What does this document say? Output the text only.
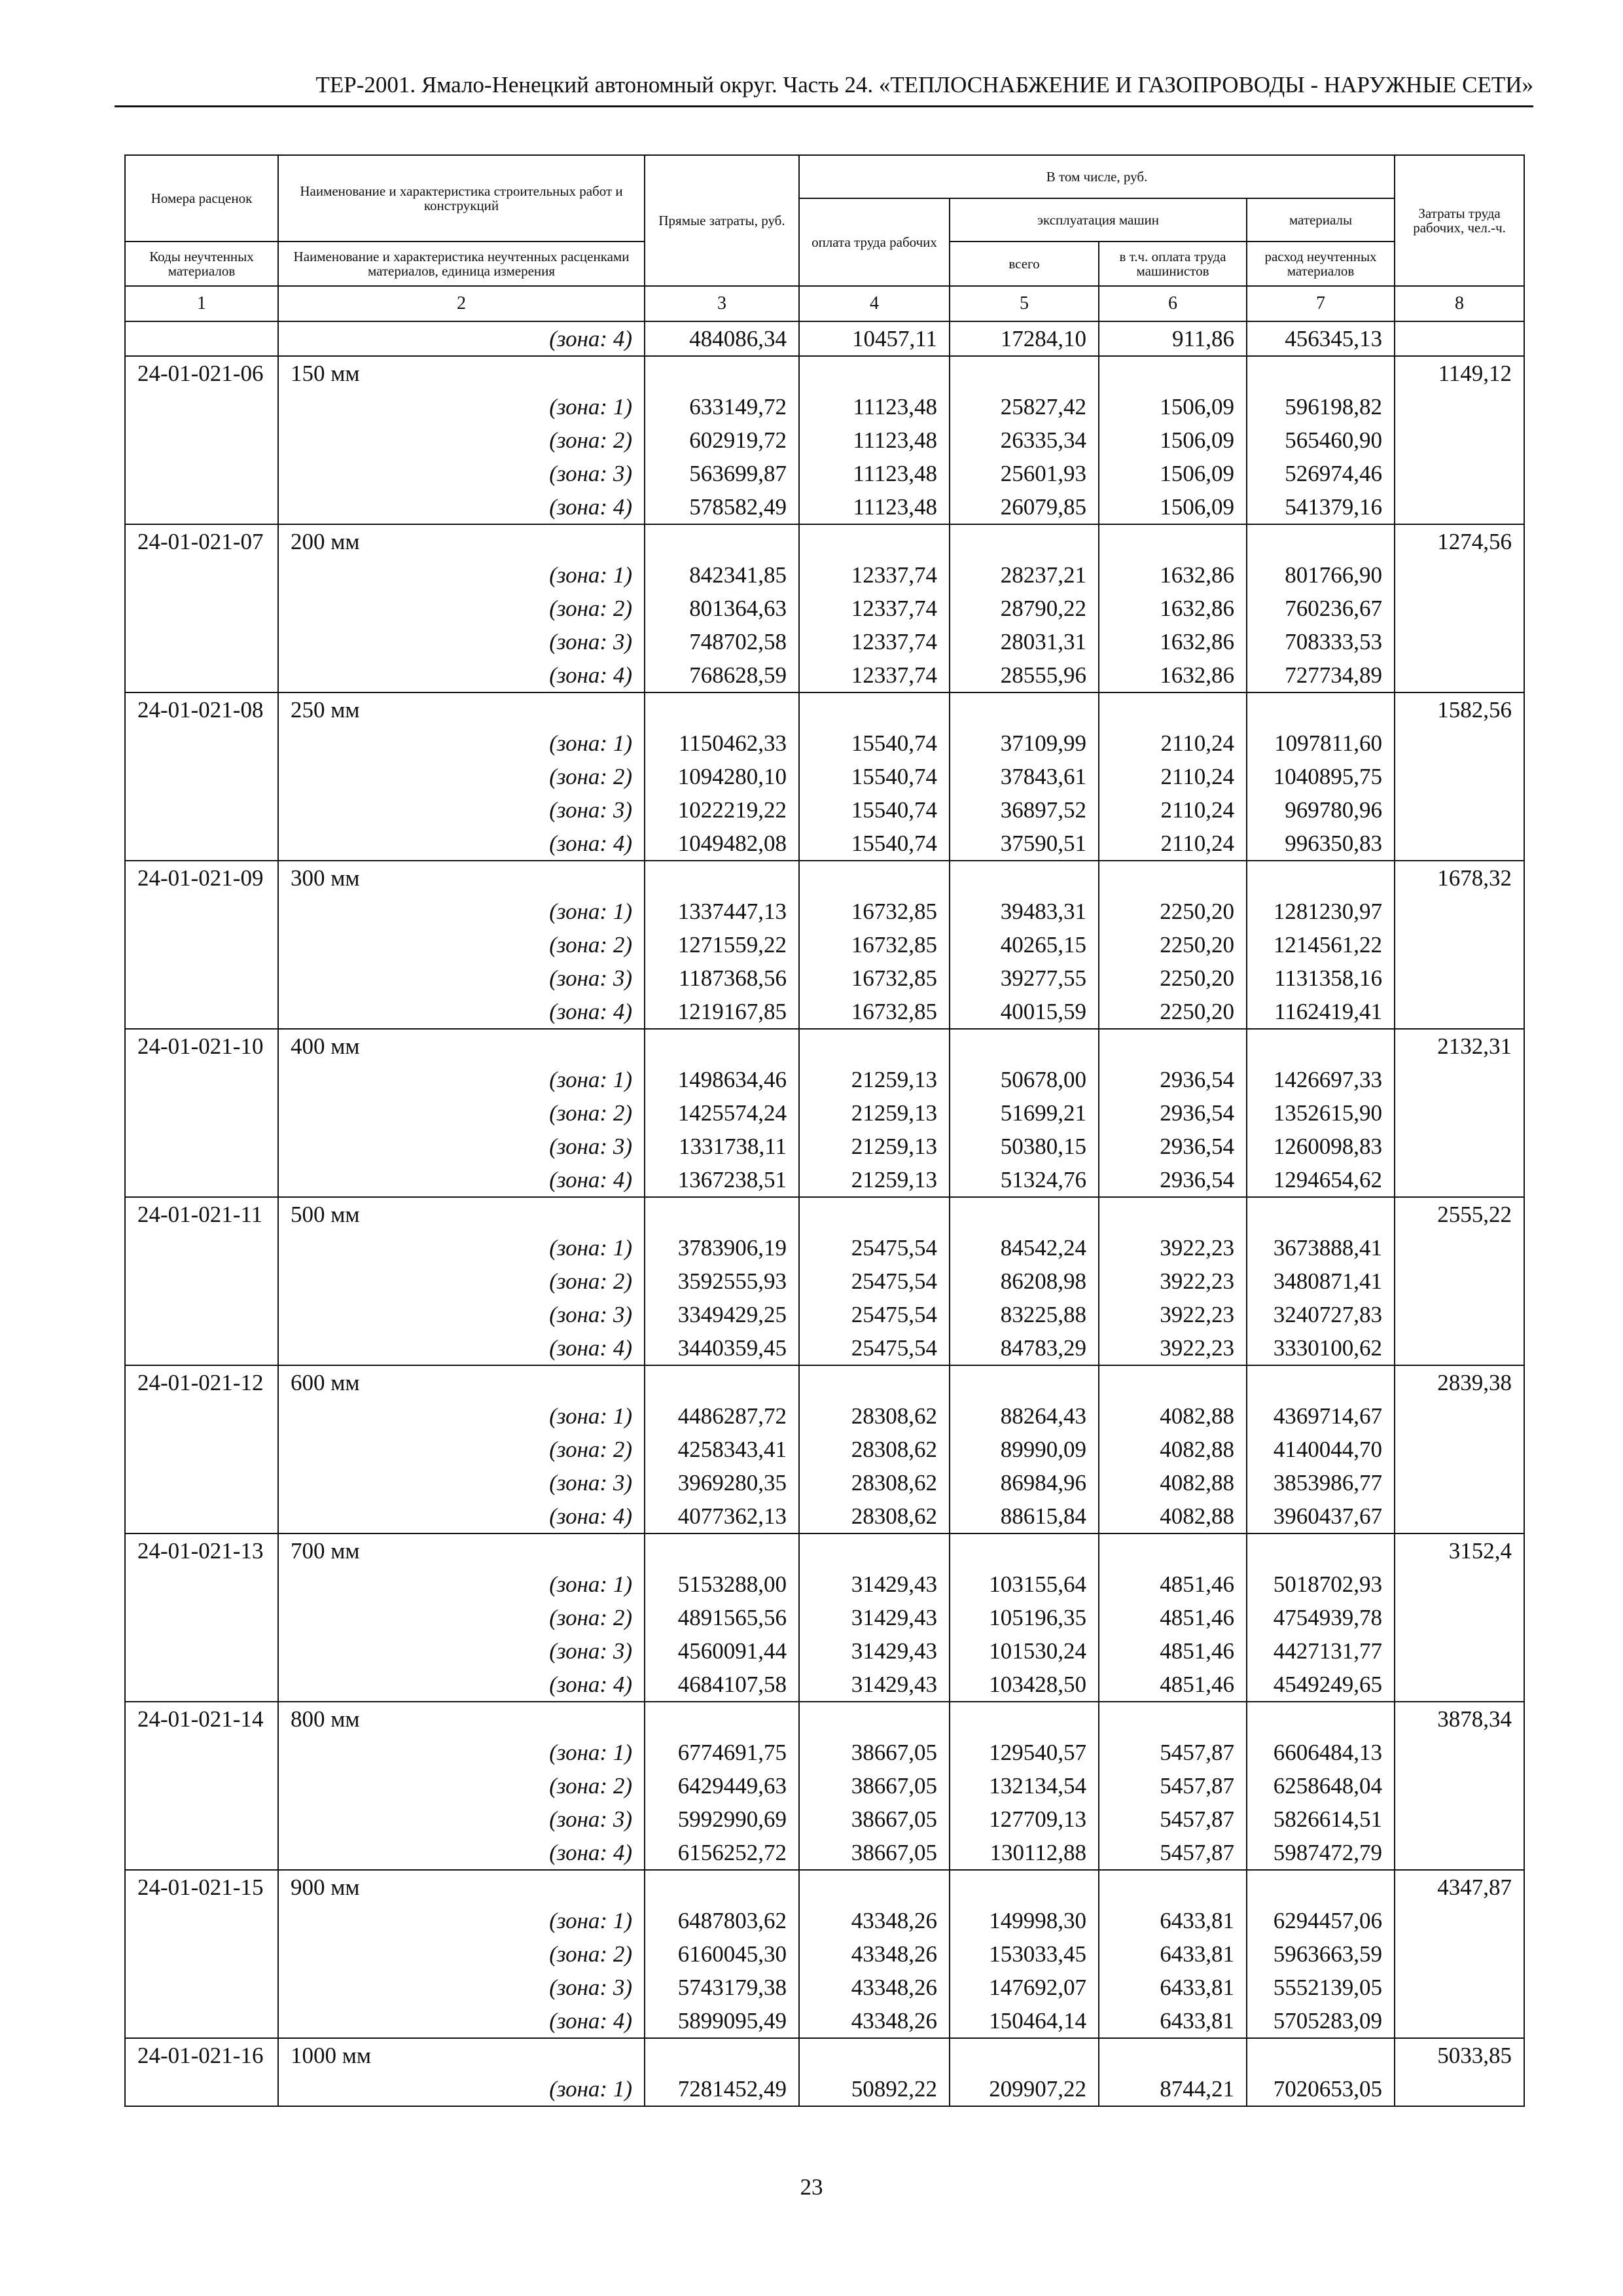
ТЕР-2001. Ямало-Ненецкий автономный округ. Часть 24. «ТЕПЛОСНАБЖЕНИЕ И ГАЗОПРОВОДЫ - НАРУЖНЫЕ СЕТИ»
Номера расценок	Наименование и характеристика строительных работ и конструкций	Прямые затраты, руб.	В том числе, руб.				Затраты труда рабочих, чел.-ч.
			оплата труда рабочих	эксплуатация машин		материалы	
Коды неучтенных материалов	Наименование и характеристика неучтенных расценками материалов, единица измерения			всего	в т.ч. оплата труда машинистов	расход неучтенных материалов	
1	2	3	4	5	6	7	8
	(зона: 4)	484086,34	10457,11	17284,10	911,86	456345,13	
24-01-021-06	150 мм						1149,12
	(зона: 1)	633149,72	11123,48	25827,42	1506,09	596198,82	
	(зона: 2)	602919,72	11123,48	26335,34	1506,09	565460,90	
	(зона: 3)	563699,87	11123,48	25601,93	1506,09	526974,46	
	(зона: 4)	578582,49	11123,48	26079,85	1506,09	541379,16	
24-01-021-07	200 мм						1274,56
	(зона: 1)	842341,85	12337,74	28237,21	1632,86	801766,90	
	(зона: 2)	801364,63	12337,74	28790,22	1632,86	760236,67	
	(зона: 3)	748702,58	12337,74	28031,31	1632,86	708333,53	
	(зона: 4)	768628,59	12337,74	28555,96	1632,86	727734,89	
24-01-021-08	250 мм						1582,56
	(зона: 1)	1150462,33	15540,74	37109,99	2110,24	1097811,60	
	(зона: 2)	1094280,10	15540,74	37843,61	2110,24	1040895,75	
	(зона: 3)	1022219,22	15540,74	36897,52	2110,24	969780,96	
	(зона: 4)	1049482,08	15540,74	37590,51	2110,24	996350,83	
24-01-021-09	300 мм						1678,32
	(зона: 1)	1337447,13	16732,85	39483,31	2250,20	1281230,97	
	(зона: 2)	1271559,22	16732,85	40265,15	2250,20	1214561,22	
	(зона: 3)	1187368,56	16732,85	39277,55	2250,20	1131358,16	
	(зона: 4)	1219167,85	16732,85	40015,59	2250,20	1162419,41	
24-01-021-10	400 мм						2132,31
	(зона: 1)	1498634,46	21259,13	50678,00	2936,54	1426697,33	
	(зона: 2)	1425574,24	21259,13	51699,21	2936,54	1352615,90	
	(зона: 3)	1331738,11	21259,13	50380,15	2936,54	1260098,83	
	(зона: 4)	1367238,51	21259,13	51324,76	2936,54	1294654,62	
24-01-021-11	500 мм						2555,22
	(зона: 1)	3783906,19	25475,54	84542,24	3922,23	3673888,41	
	(зона: 2)	3592555,93	25475,54	86208,98	3922,23	3480871,41	
	(зона: 3)	3349429,25	25475,54	83225,88	3922,23	3240727,83	
	(зона: 4)	3440359,45	25475,54	84783,29	3922,23	3330100,62	
24-01-021-12	600 мм						2839,38
	(зона: 1)	4486287,72	28308,62	88264,43	4082,88	4369714,67	
	(зона: 2)	4258343,41	28308,62	89990,09	4082,88	4140044,70	
	(зона: 3)	3969280,35	28308,62	86984,96	4082,88	3853986,77	
	(зона: 4)	4077362,13	28308,62	88615,84	4082,88	3960437,67	
24-01-021-13	700 мм						3152,4
	(зона: 1)	5153288,00	31429,43	103155,64	4851,46	5018702,93	
	(зона: 2)	4891565,56	31429,43	105196,35	4851,46	4754939,78	
	(зона: 3)	4560091,44	31429,43	101530,24	4851,46	4427131,77	
	(зона: 4)	4684107,58	31429,43	103428,50	4851,46	4549249,65	
24-01-021-14	800 мм						3878,34
	(зона: 1)	6774691,75	38667,05	129540,57	5457,87	6606484,13	
	(зона: 2)	6429449,63	38667,05	132134,54	5457,87	6258648,04	
	(зона: 3)	5992990,69	38667,05	127709,13	5457,87	5826614,51	
	(зона: 4)	6156252,72	38667,05	130112,88	5457,87	5987472,79	
24-01-021-15	900 мм						4347,87
	(зона: 1)	6487803,62	43348,26	149998,30	6433,81	6294457,06	
	(зона: 2)	6160045,30	43348,26	153033,45	6433,81	5963663,59	
	(зона: 3)	5743179,38	43348,26	147692,07	6433,81	5552139,05	
	(зона: 4)	5899095,49	43348,26	150464,14	6433,81	5705283,09	
24-01-021-16	1000 мм						5033,85
	(зона: 1)	7281452,49	50892,22	209907,22	8744,21	7020653,05	
23
